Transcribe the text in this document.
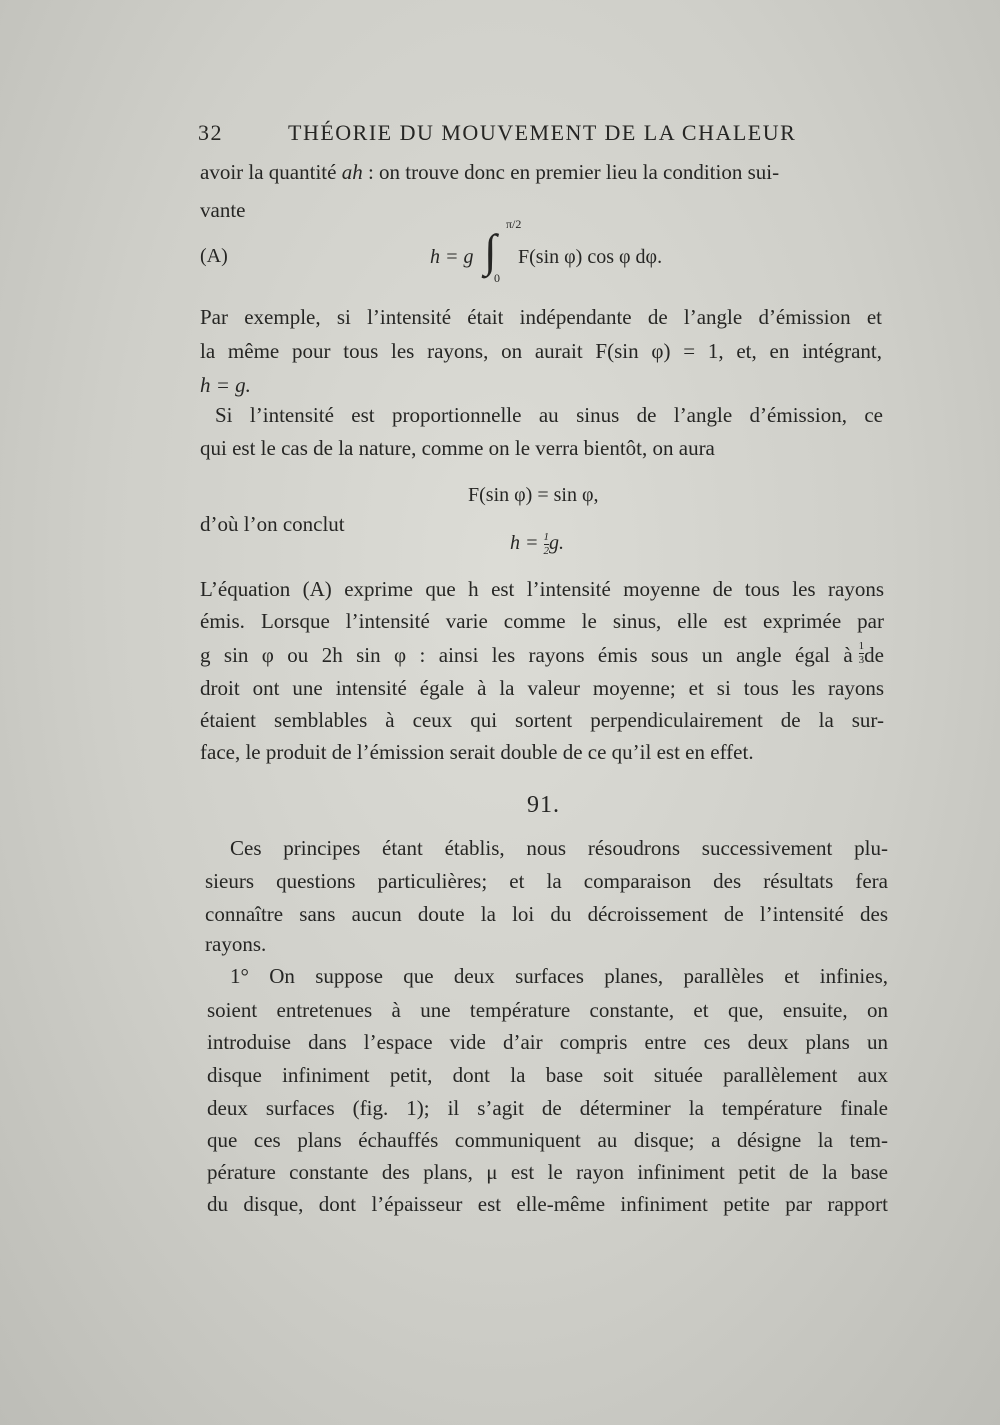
32	THÉORIE DU MOUVEMENT DE LA CHALEUR
avoir la quantité ah : on trouve donc en premier lieu la condition sui-
vante
(A)	h = g ∫
π/2
0
F(sin φ) cos φ dφ.
Par exemple, si l’intensité était indépendante de l’angle d’émission et
la même pour tous les rayons, on aurait F(sin φ) = 1, et, en intégrant,
h = g.
Si l’intensité est proportionnelle au sinus de l’angle d’émission, ce
qui est le cas de la nature, comme on le verra bientôt, on aura
F(sin φ) = sin φ,
d’où l’on conclut
$h = \frac{1}{2} g$.
L’équation (A) exprime que h est l’intensité moyenne de tous les rayons
émis. Lorsque l’intensité varie comme le sinus, elle est exprimée par
g sin φ ou 2h sin φ : ainsi les rayons émis sous un angle égal à $\frac{1}{3}$ de
droit ont une intensité égale à la valeur moyenne; et si tous les rayons
étaient semblables à ceux qui sortent perpendiculairement de la sur-
face, le produit de l’émission serait double de ce qu’il est en effet.
91.
Ces principes étant établis, nous résoudrons successivement plu-
sieurs questions particulières; et la comparaison des résultats fera
connaître sans aucun doute la loi du décroissement de l’intensité des
rayons.
1° On suppose que deux surfaces planes, parallèles et infinies,
soient entretenues à une température constante, et que, ensuite, on
introduise dans l’espace vide d’air compris entre ces deux plans un
disque infiniment petit, dont la base soit située parallèlement aux
deux surfaces (fig. 1); il s’agit de déterminer la température finale
que ces plans échauffés communiquent au disque; a désigne la tem-
pérature constante des plans, μ est le rayon infiniment petit de la base
du disque, dont l’épaisseur est elle-même infiniment petite par rapport
